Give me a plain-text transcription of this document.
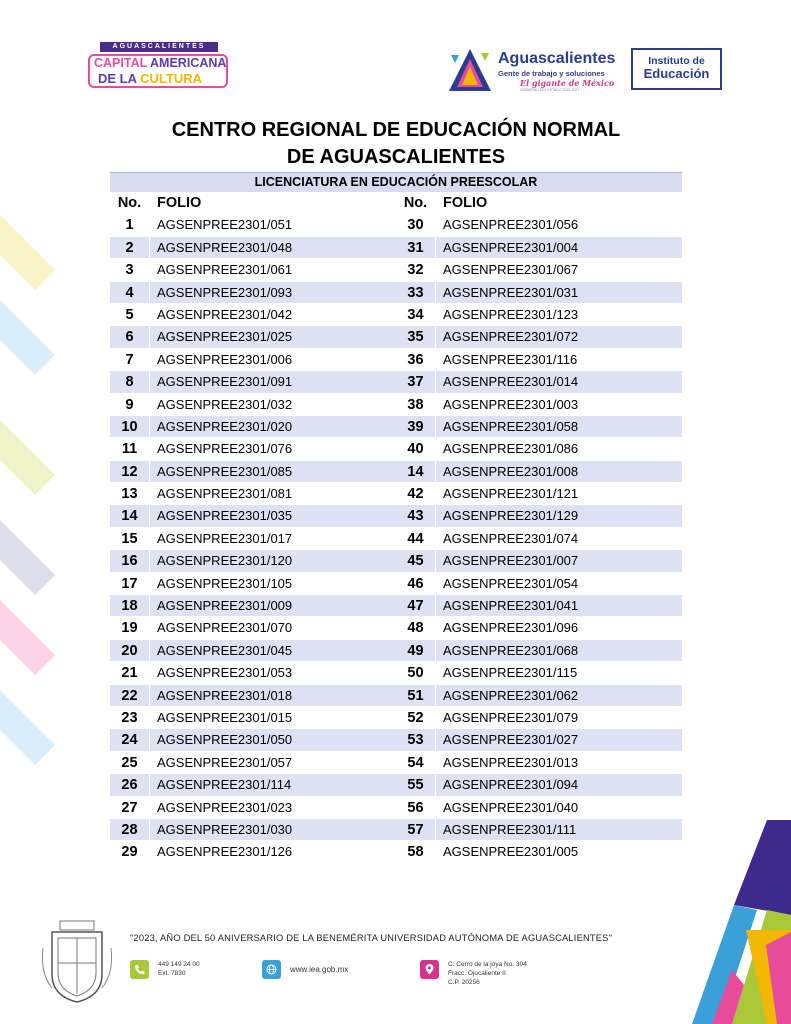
AGUASCALIENTES
CAPITAL AMERICANA
DE LA CULTURA
Aguascalientes
Gente de trabajo y soluciones
El gigante de México
GOBIERNO DEL ESTADO 2022-2027
Instituto de
Educación
CENTRO REGIONAL DE EDUCACIÓN NORMAL
DE AGUASCALIENTES
LICENCIATURA EN EDUCACIÓN PREESCOLAR
No.	FOLIO
1	AGSENPREE2301/051
2	AGSENPREE2301/048
3	AGSENPREE2301/061
4	AGSENPREE2301/093
5	AGSENPREE2301/042
6	AGSENPREE2301/025
7	AGSENPREE2301/006
8	AGSENPREE2301/091
9	AGSENPREE2301/032
10	AGSENPREE2301/020
11	AGSENPREE2301/076
12	AGSENPREE2301/085
13	AGSENPREE2301/081
14	AGSENPREE2301/035
15	AGSENPREE2301/017
16	AGSENPREE2301/120
17	AGSENPREE2301/105
18	AGSENPREE2301/009
19	AGSENPREE2301/070
20	AGSENPREE2301/045
21	AGSENPREE2301/053
22	AGSENPREE2301/018
23	AGSENPREE2301/015
24	AGSENPREE2301/050
25	AGSENPREE2301/057
26	AGSENPREE2301/114
27	AGSENPREE2301/023
28	AGSENPREE2301/030
29	AGSENPREE2301/126
No.	FOLIO
30	AGSENPREE2301/056
31	AGSENPREE2301/004
32	AGSENPREE2301/067
33	AGSENPREE2301/031
34	AGSENPREE2301/123
35	AGSENPREE2301/072
36	AGSENPREE2301/116
37	AGSENPREE2301/014
38	AGSENPREE2301/003
39	AGSENPREE2301/058
40	AGSENPREE2301/086
14	AGSENPREE2301/008
42	AGSENPREE2301/121
43	AGSENPREE2301/129
44	AGSENPREE2301/074
45	AGSENPREE2301/007
46	AGSENPREE2301/054
47	AGSENPREE2301/041
48	AGSENPREE2301/096
49	AGSENPREE2301/068
50	AGSENPREE2301/115
51	AGSENPREE2301/062
52	AGSENPREE2301/079
53	AGSENPREE2301/027
54	AGSENPREE2301/013
55	AGSENPREE2301/094
56	AGSENPREE2301/040
57	AGSENPREE2301/111
58	AGSENPREE2301/005
"2023, AÑO DEL 50 ANIVERSARIO DE LA BENEMÉRITA UNIVERSIDAD AUTÓNOMA DE AGUASCALIENTES"
449 149 24 00
Ext. 7830	www.iea.gob.mx
C. Cerro de la joya No. 304
Fracc. Ojocaliente II
C.P. 20256
